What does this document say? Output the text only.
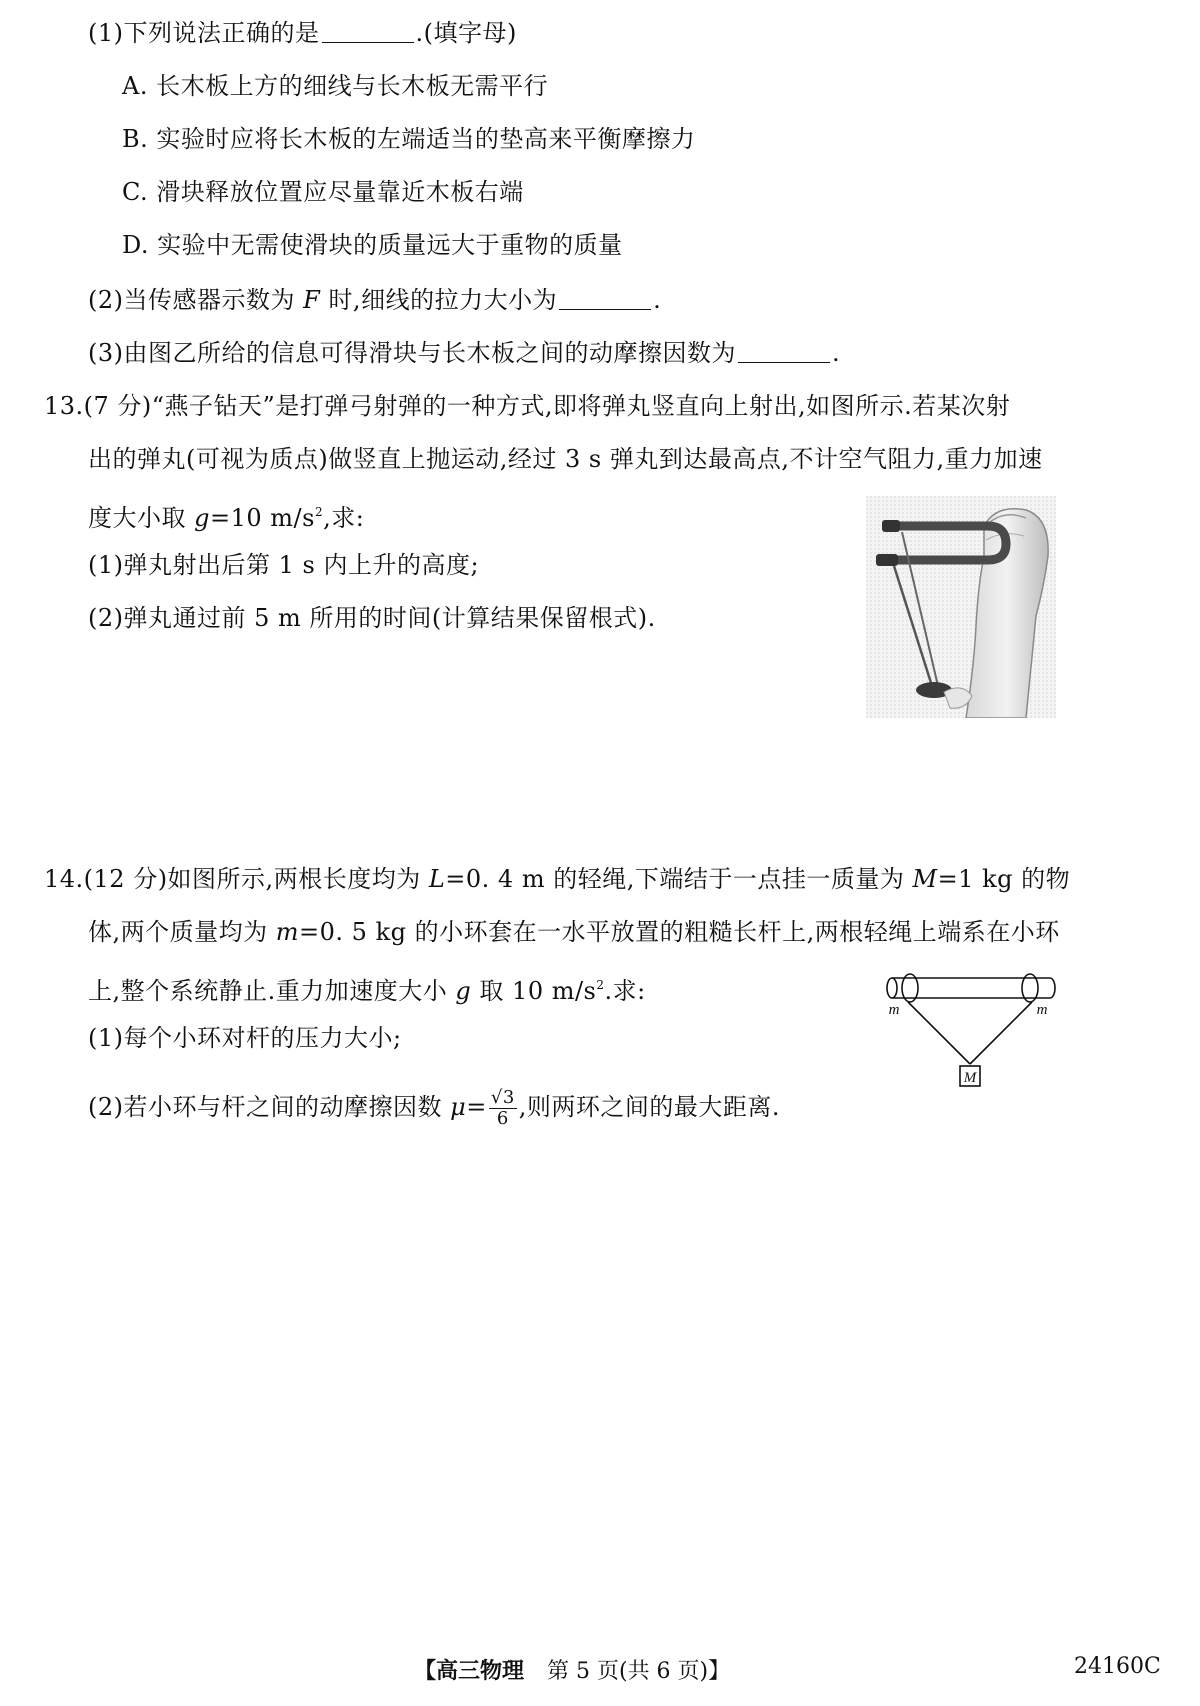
(1)下列说法正确的是	.(填字母)
A. 长木板上方的细线与长木板无需平行
B. 实验时应将长木板的左端适当的垫高来平衡摩擦力
C. 滑块释放位置应尽量靠近木板右端
D. 实验中无需使滑块的质量远大于重物的质量
(2)当传感器示数为 F 时,细线的拉力大小为	.
(3)由图乙所给的信息可得滑块与长木板之间的动摩擦因数为	.
13.(7 分)“燕子钻天”是打弹弓射弹的一种方式,即将弹丸竖直向上射出,如图所示.若某次射
出的弹丸(可视为质点)做竖直上抛运动,经过 3 s 弹丸到达最高点,不计空气阻力,重力加速
度大小取 g=10 $m/s^2$,求:
(1)弹丸射出后第 1 s 内上升的高度;
(2)弹丸通过前 5 m 所用的时间(计算结果保留根式).
14.(12 分)如图所示,两根长度均为 L=0. 4 m 的轻绳,下端结于一点挂一质量为 M=1 kg 的物
体,两个质量均为 m=0. 5 kg 的小环套在一水平放置的粗糙长杆上,两根轻绳上端系在小环
上,整个系统静止.重力加速度大小 g 取 10 $m/s^2$.求:
(1)每个小环对杆的压力大小;
(2)若小环与杆之间的动摩擦因数 $\mu= \frac{√3}{6}$ ,则两环之间的最大距离.
M
m	m
【高三物理 第 5 页(共 6 页)】	24160C
